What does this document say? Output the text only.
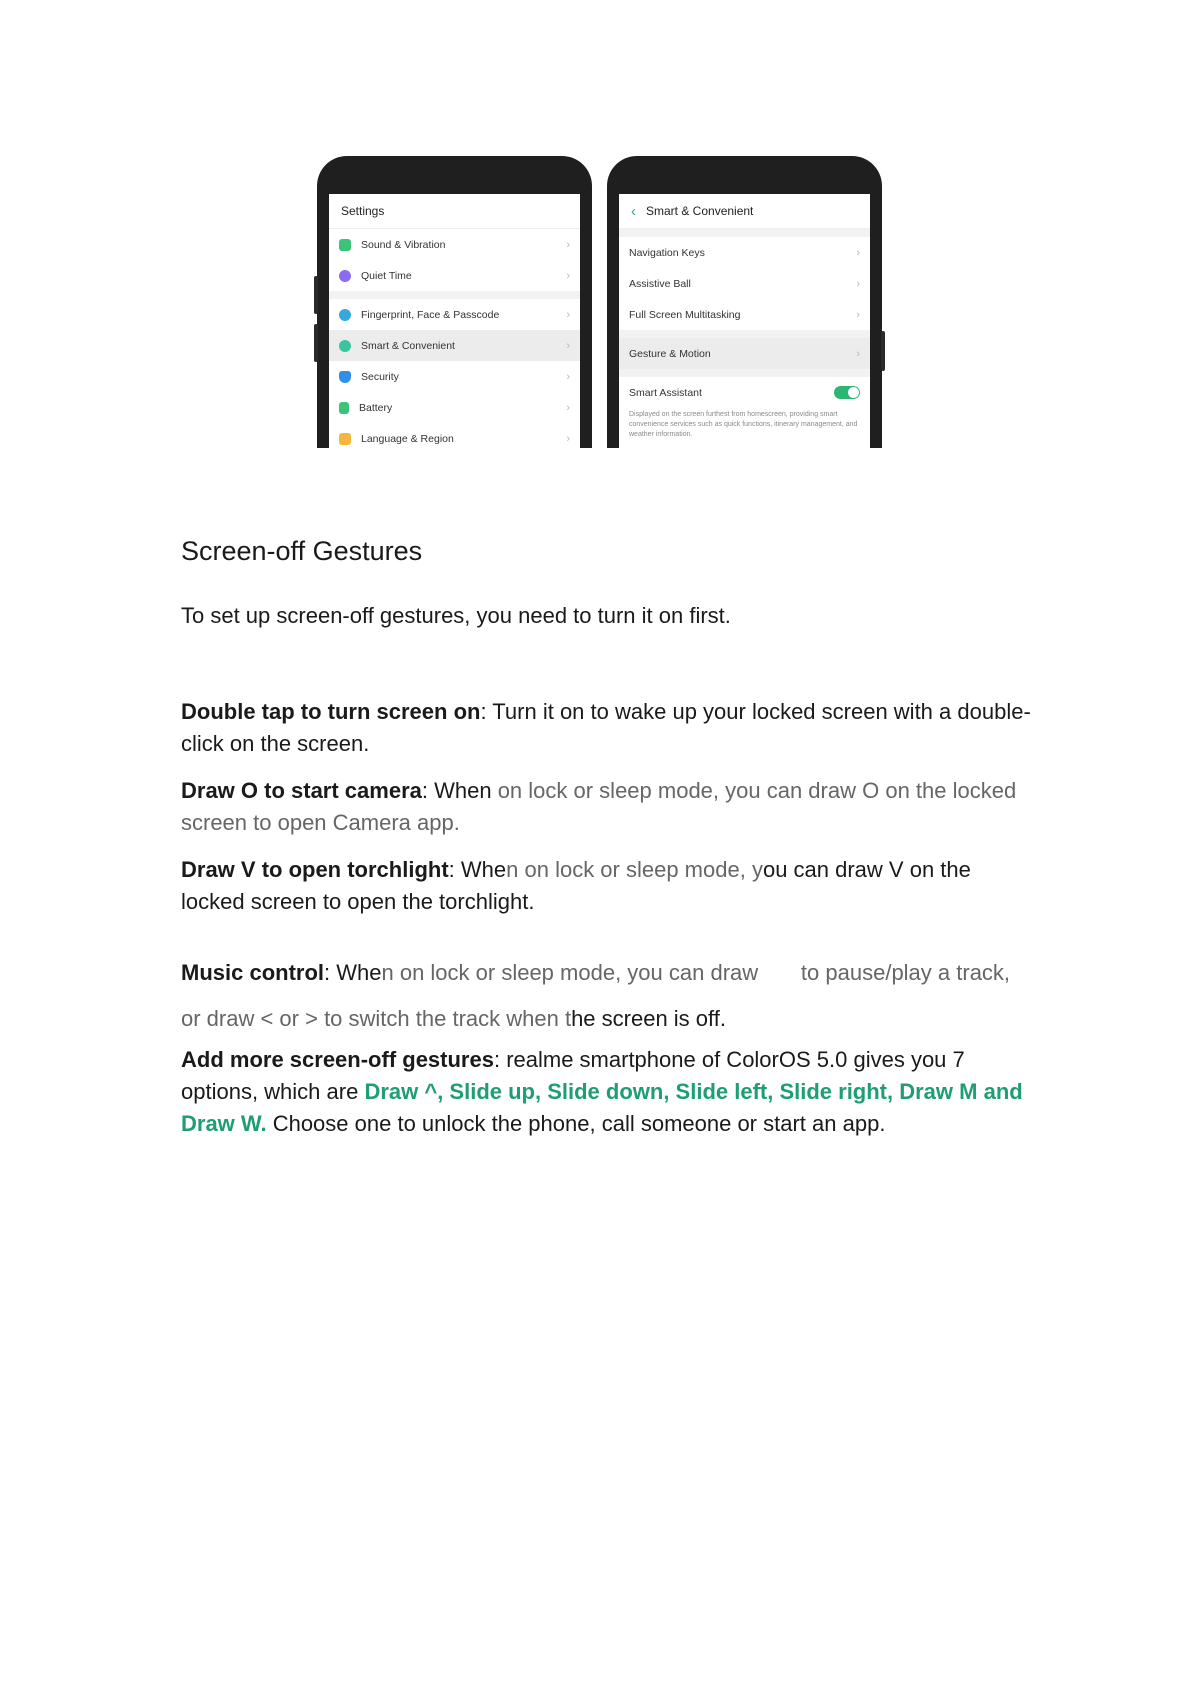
Settings
Sound & Vibration	›
Quiet Time	›
Fingerprint, Face & Passcode	›
Smart & Convenient	›
Security	›
Battery	›
Language & Region	›
‹ Smart & Convenient
Navigation Keys	›
Assistive Ball	›
Full Screen Multitasking	›
Gesture & Motion	›
Smart Assistant
Displayed on the screen furthest from homescreen, providing smart convenience services such as quick functions, itinerary management, and weather information.
Screen-off Gestures
To set up screen-off gestures, you need to turn it on first.
Double tap to turn screen on: Turn it on to wake up your locked screen with a double-click on the screen.
Draw O to start camera: When on lock or sleep mode, you can draw O on the locked screen to open Camera app.
Draw V to open torchlight: When on lock or sleep mode, you can draw V on the locked screen to open the torchlight.
Music control: When on lock or sleep mode, you can draw       to pause/play a track,
or draw < or > to switch the track when the screen is off.
Add more screen-off gestures: realme smartphone of ColorOS 5.0 gives you 7 options, which are Draw ^, Slide up, Slide down, Slide left, Slide right, Draw M and Draw W. Choose one to unlock the phone, call someone or start an app.
